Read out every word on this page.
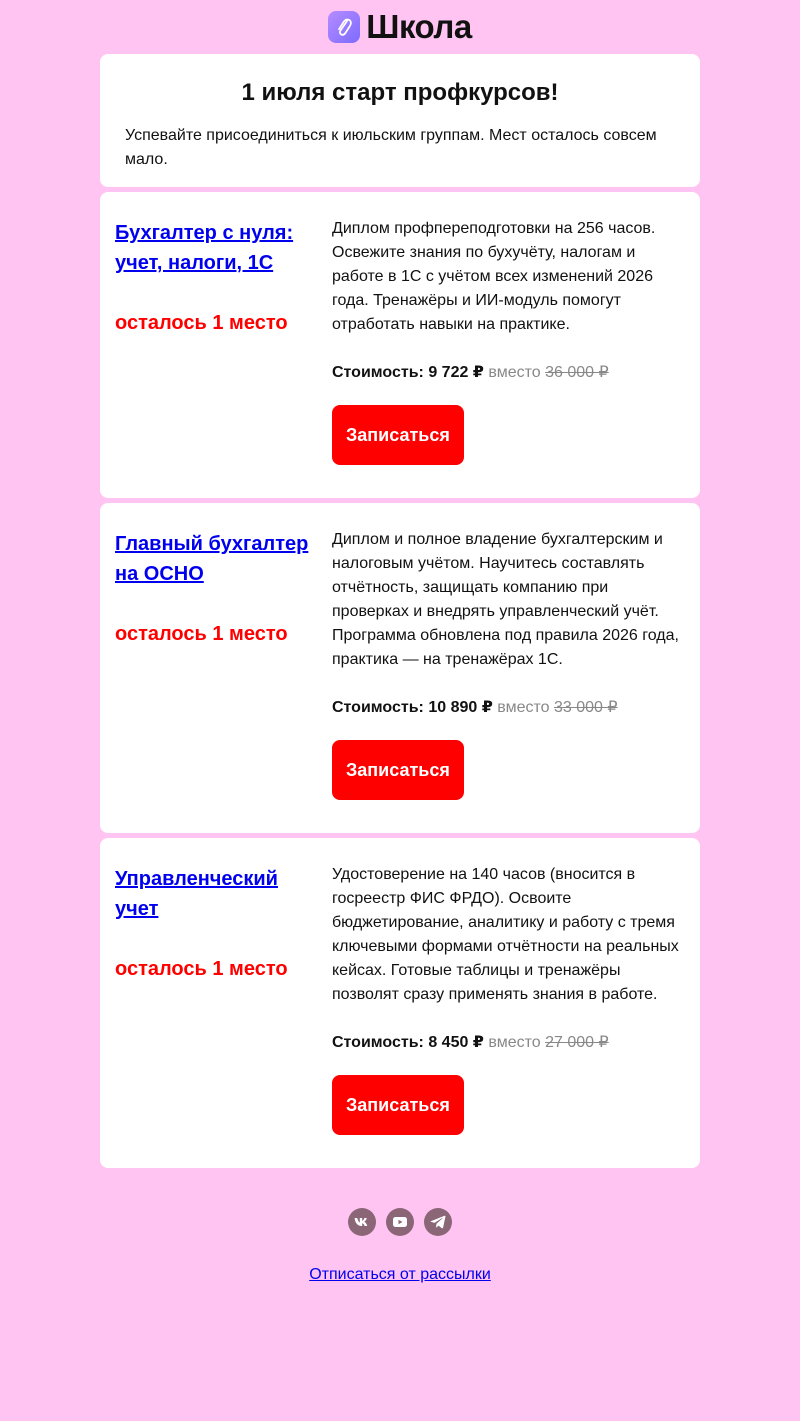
Школа
1 июля старт профкурсов!

Успевайте присоединиться к июльским группам. Мест осталось совсем мало.

Бухгалтер с нуля: учет, налоги, 1С
осталось 1 место

Диплом профпереподготовки на 256 часов. Освежите знания по бухучёту, налогам и работе в 1С с учётом всех изменений 2026 года. Тренажёры и ИИ-модуль помогут отработать навыки на практике.

Стоимость: 9 722 ₽ вместо 36 000 ₽
Записаться
Главный бухгалтер на ОСНО
осталось 1 место

Диплом и полное владение бухгалтерским и налоговым учётом. Научитесь составлять отчётность, защищать компанию при проверках и внедрять управленческий учёт. Программа обновлена под правила 2026 года, практика — на тренажёрах 1С.

Стоимость: 10 890 ₽ вместо 33 000 ₽
Записаться
Управленческий учет
осталось 1 место

Удостоверение на 140 часов (вносится в госреестр ФИС ФРДО). Освоите бюджетирование, аналитику и работу с тремя ключевыми формами отчётности на реальных кейсах. Готовые таблицы и тренажёры позволят сразу применять знания в работе.

Стоимость: 8 450 ₽ вместо 27 000 ₽
Записаться
Отписаться от рассылки
